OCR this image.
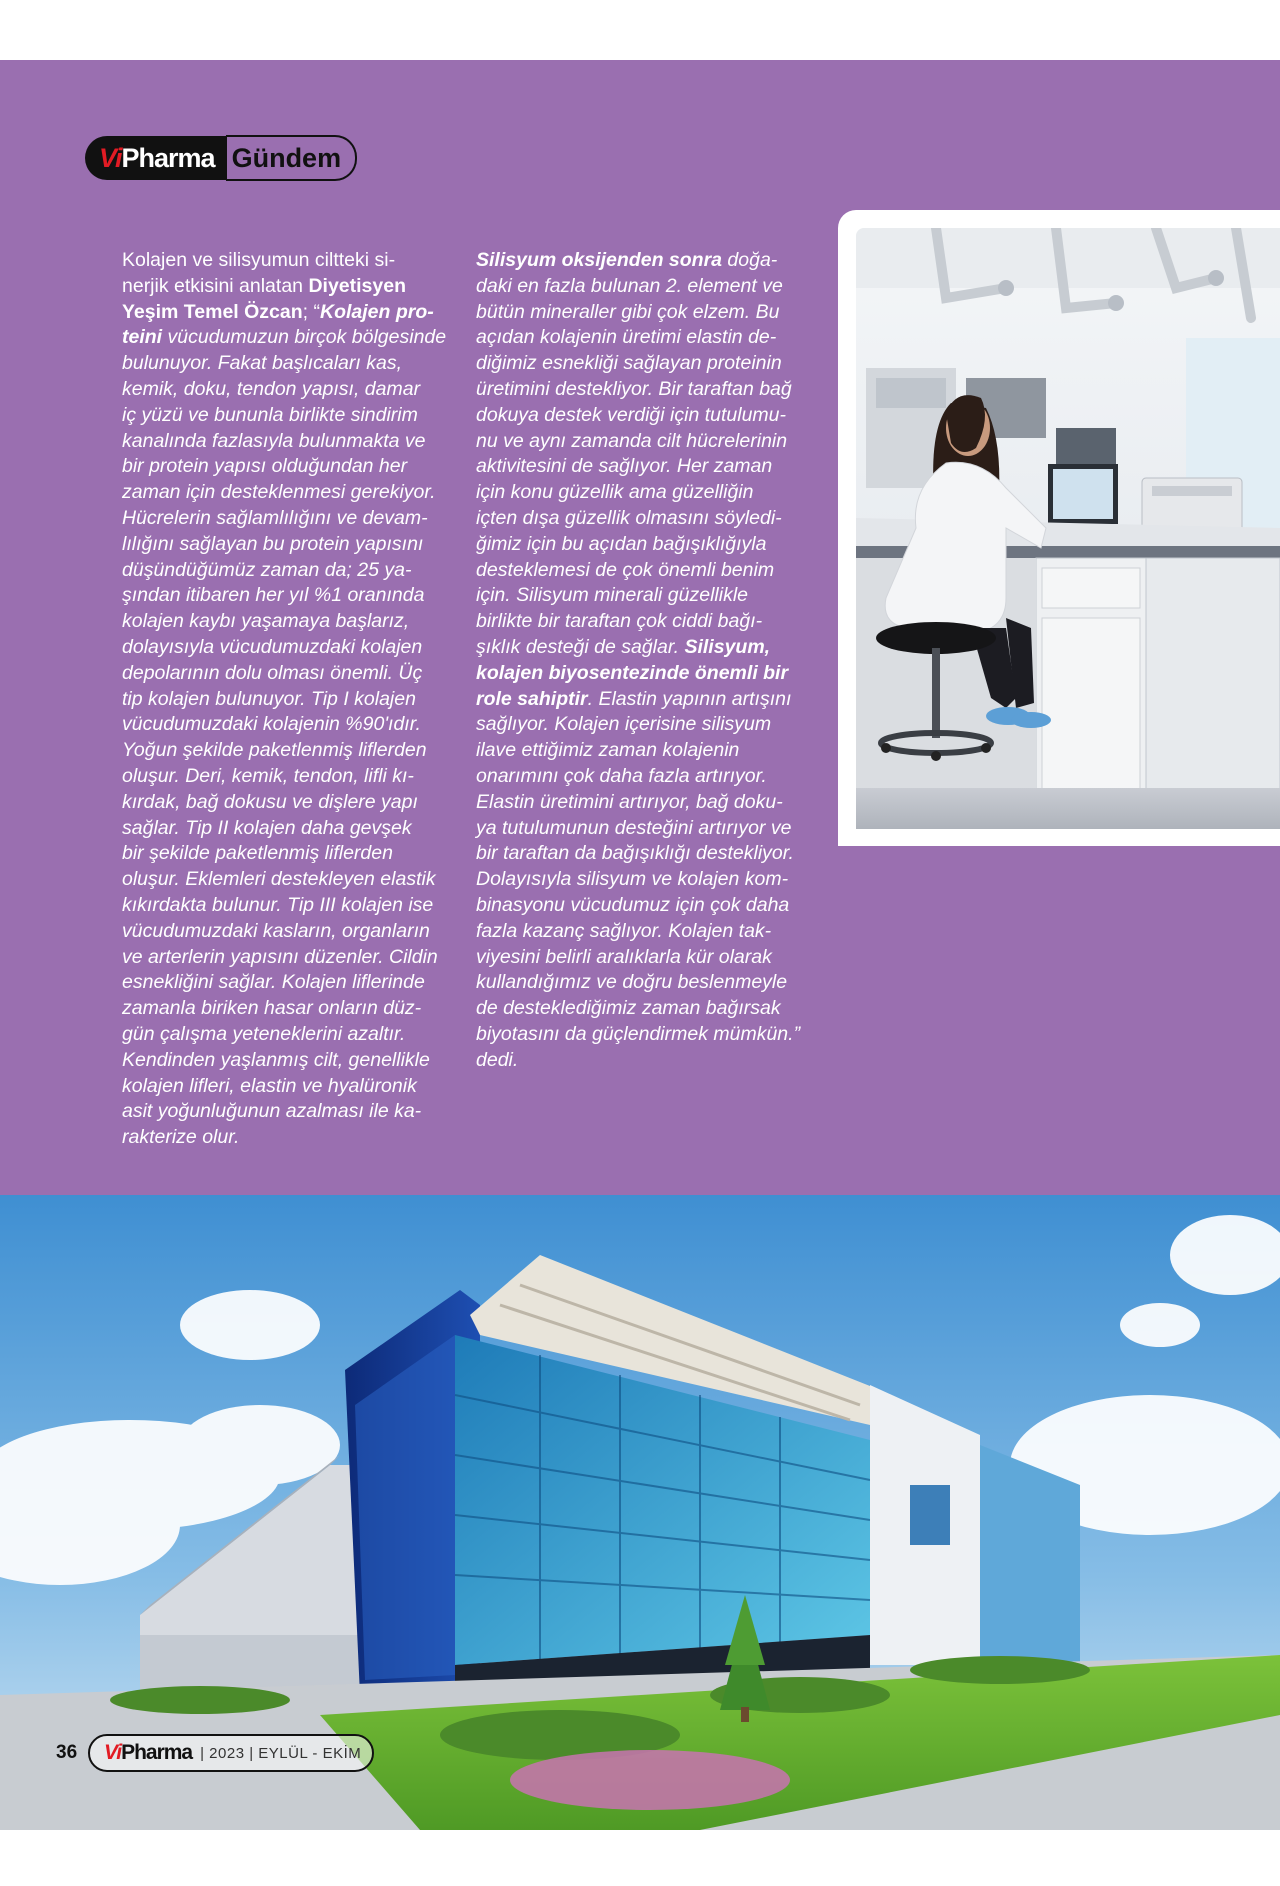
Vi Pharma Gündem
Kolajen ve silisyumun ciltteki si-
nerjik etkisini anlatan Diyetisyen
Yeşim Temel Özcan; “Kolajen pro-
teini vücudumuzun birçok bölgesinde
bulunuyor. Fakat başlıcaları kas,
kemik, doku, tendon yapısı, damar
iç yüzü ve bununla birlikte sindirim
kanalında fazlasıyla bulunmakta ve
bir protein yapısı olduğundan her
zaman için desteklenmesi gerekiyor.
Hücrelerin sağlamlılığını ve devam-
lılığını sağlayan bu protein yapısını
düşündüğümüz zaman da; 25 ya-
şından itibaren her yıl %1 oranında
kolajen kaybı yaşamaya başlarız,
dolayısıyla vücudumuzdaki kolajen
depolarının dolu olması önemli. Üç
tip kolajen bulunuyor. Tip I kolajen
vücudumuzdaki kolajenin %90'ıdır.
Yoğun şekilde paketlenmiş liflerden
oluşur. Deri, kemik, tendon, lifli kı-
kırdak, bağ dokusu ve dişlere yapı
sağlar. Tip II kolajen daha gevşek
bir şekilde paketlenmiş liflerden
oluşur. Eklemleri destekleyen elastik
kıkırdakta bulunur. Tip III kolajen ise
vücudumuzdaki kasların, organların
ve arterlerin yapısını düzenler. Cildin
esnekliğini sağlar. Kolajen liflerinde
zamanla biriken hasar onların düz-
gün çalışma yeteneklerini azaltır.
Kendinden yaşlanmış cilt, genellikle
kolajen lifleri, elastin ve hyalüronik
asit yoğunluğunun azalması ile ka-
rakterize olur.
Silisyum oksijenden sonra doğa-
daki en fazla bulunan 2. element ve
bütün mineraller gibi çok elzem. Bu
açıdan kolajenin üretimi elastin de-
diğimiz esnekliği sağlayan proteinin
üretimini destekliyor. Bir taraftan bağ
dokuya destek verdiği için tutulumu-
nu ve aynı zamanda cilt hücrelerinin
aktivitesini de sağlıyor. Her zaman
için konu güzellik ama güzelliğin
içten dışa güzellik olmasını söyledi-
ğimiz için bu açıdan bağışıklığıyla
desteklemesi de çok önemli benim
için. Silisyum minerali güzellikle
birlikte bir taraftan çok ciddi bağı-
şıklık desteği de sağlar. Silisyum,
kolajen biyosentezinde önemli bir
role sahiptir. Elastin yapının artışını
sağlıyor. Kolajen içerisine silisyum
ilave ettiğimiz zaman kolajenin
onarımını çok daha fazla artırıyor.
Elastin üretimini artırıyor, bağ doku-
ya tutulumunun desteğini artırıyor ve
bir taraftan da bağışıklığı destekliyor.
Dolayısıyla silisyum ve kolajen kom-
binasyonu vücudumuz için çok daha
fazla kazanç sağlıyor. Kolajen tak-
viyesini belirli aralıklarla kür olarak
kullandığımız ve doğru beslenmeyle
de desteklediğimiz zaman bağırsak
biyotasını da güçlendirmek mümkün.”
dedi.
36 ViPharma | 2023 | EYLÜL - EKİM
